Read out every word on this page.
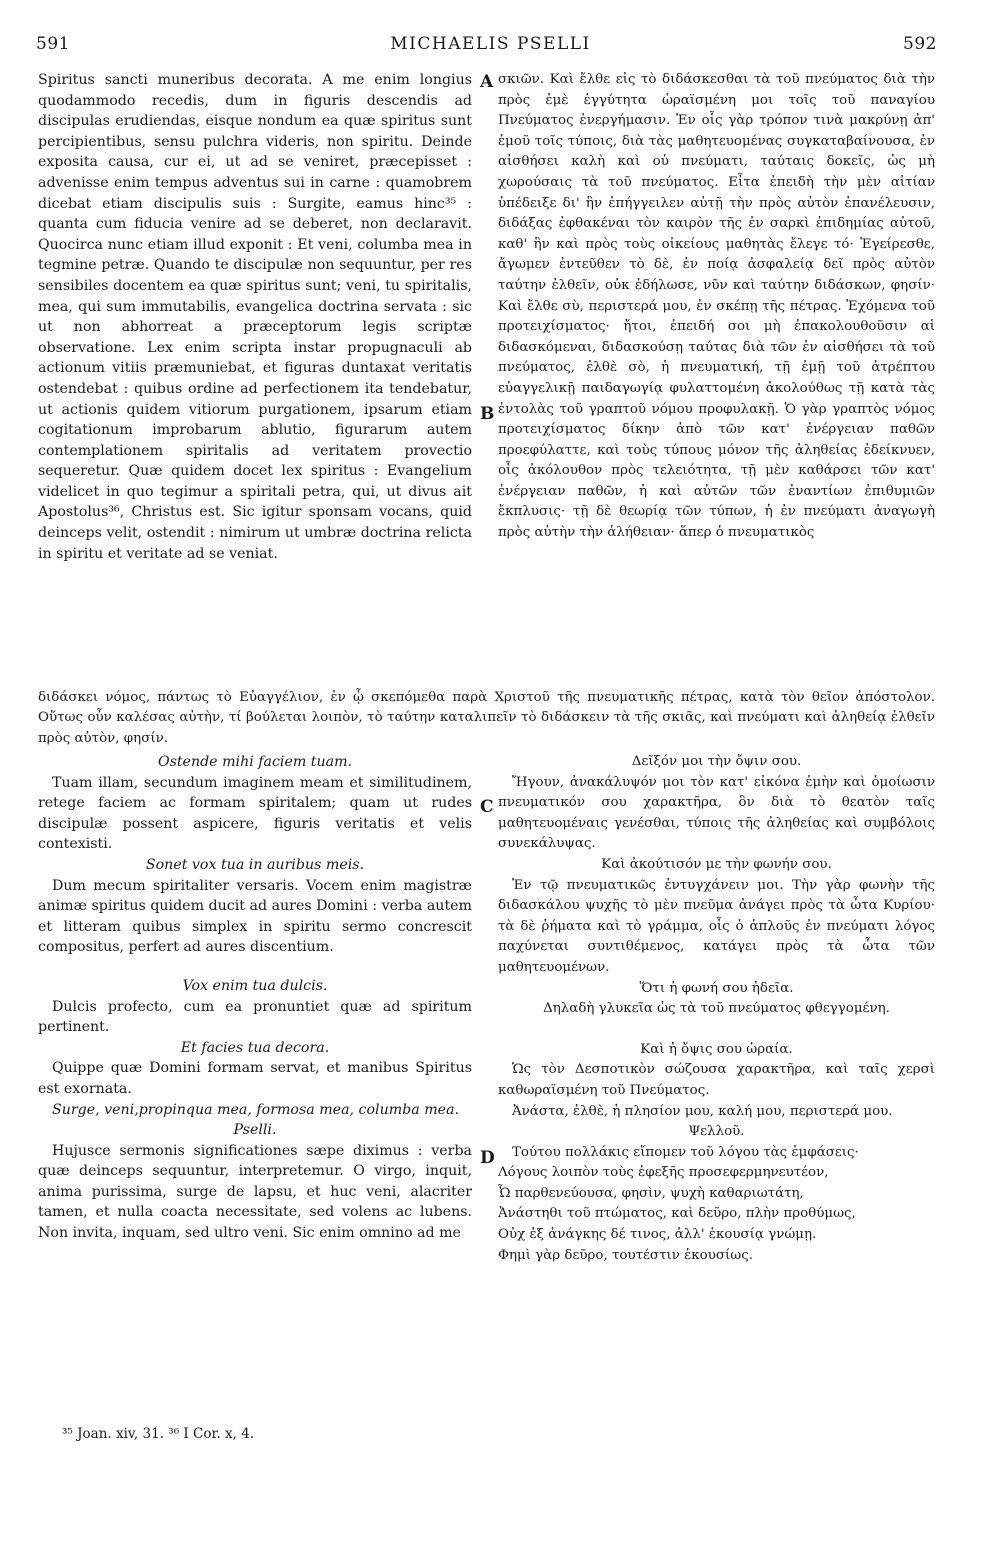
591	MICHAELIS PSELLI	592
A
B
C
D

Spiritus sancti muneribus decorata. A me enim longius quodammodo recedis, dum in figuris descendis ad discipulas erudiendas, eisque nondum ea quæ spiritus sunt percipientibus, sensu pulchra videris, non spiritu. Deinde exposita causa, cur ei, ut ad se veniret, præcepisset : advenisse enim tempus adventus sui in carne : quamobrem dicebat etiam discipulis suis : Surgite, eamus hinc³⁵ : quanta cum fiducia venire ad se deberet, non declaravit. Quocirca nunc etiam illud exponit : Et veni, columba mea in tegmine petræ. Quando te discipulæ non sequuntur, per res sensibiles docentem ea quæ spiritus sunt; veni, tu spiritalis, mea, qui sum immutabilis, evangelica doctrina servata : sic ut non abhorreat a præceptorum legis scriptæ observatione. Lex enim scripta instar propugnaculi ab actionum vitiis præmuniebat, et figuras duntaxat veritatis ostendebat : quibus ordine ad perfectionem ita tendebatur, ut actionis quidem vitiorum purgationem, ipsarum etiam cogitationum improbarum ablutio, figurarum autem contemplationem spiritalis ad veritatem provectio sequeretur. Quæ quidem docet lex spiritus : Evangelium videlicet in quo tegimur a spiritali petra, qui, ut divus ait Apostolus³⁶, Christus est. Sic igitur sponsam vocans, quid deinceps velit, ostendit : nimirum ut umbræ doctrina relicta in spiritu et veritate ad se veniat.

σκιῶν. Καὶ ἔλθε εἰς τὸ διδάσκεσθαι τὰ τοῦ πνεύματος διὰ τὴν πρὸς ἐμὲ ἐγγύτητα ὡραϊσμένη μοι τοῖς τοῦ παναγίου Πνεύματος ἐνεργήμασιν. Ἐν οἷς γὰρ τρόπον τινὰ μακρύνῃ ἀπ' ἐμοῦ τοῖς τύποις, διὰ τὰς μαθητευομένας συγκαταβαίνουσα, ἐν αἰσθήσει καλὴ καὶ οὐ πνεύματι, ταύταις δοκεῖς, ὡς μὴ χωρούσαις τὰ τοῦ πνεύματος. Εἶτα ἐπειδὴ τὴν μὲν αἰτίαν ὑπέδειξε δι' ἣν ἐπήγγειλεν αὐτῇ τὴν πρὸς αὐτὸν ἐπανέλευσιν, διδάξας ἐφθακέναι τὸν καιρὸν τῆς ἐν σαρκὶ ἐπιδημίας αὐτοῦ, καθ' ἣν καὶ πρὸς τοὺς οἰκείους μαθητὰς ἔλεγε τό· Ἐγείρεσθε, ἄγωμεν ἐντεῦθεν τὸ δὲ, ἐν ποίᾳ ἀσφαλείᾳ δεῖ πρὸς αὐτὸν ταύτην ἐλθεῖν, οὐκ ἐδήλωσε, νῦν καὶ ταύτην διδάσκων, φησίν· Καὶ ἔλθε σὺ, περιστερά μου, ἐν σκέπῃ τῆς πέτρας. Ἐχόμενα τοῦ προτειχίσματος· ἤτοι, ἐπειδή σοι μὴ ἐπακολουθοῦσιν αἱ διδασκόμεναι, διδασκούσῃ ταύτας διὰ τῶν ἐν αἰσθήσει τὰ τοῦ πνεύματος, ἐλθὲ σὸ, ἡ πνευματική, τῇ ἐμῇ τοῦ ἀτρέπτου εὐαγγελικῇ παιδαγωγίᾳ φυλαττομένη ἀκολούθως τῇ κατὰ τὰς ἐντολὰς τοῦ γραπτοῦ νόμου προφυλακῇ. Ὁ γὰρ γραπτὸς νόμος προτειχίσματος δίκην ἀπὸ τῶν κατ' ἐνέργειαν παθῶν προεφύλαττε, καὶ τοὺς τύπους μόνον τῆς ἀληθείας ἐδείκνυεν, οἷς ἀκόλουθον πρὸς τελειότητα, τῇ μὲν καθάρσει τῶν κατ' ἐνέργειαν παθῶν, ἡ καὶ αὐτῶν τῶν ἐναντίων ἐπιθυμιῶν ἔκπλυσις· τῇ δὲ θεωρίᾳ τῶν τύπων, ἡ ἐν πνεύματι ἀναγωγὴ πρὸς αὐτὴν τὴν ἀλήθειαν· ἅπερ ὁ πνευματικὸς

διδάσκει νόμος, πάντως τὸ Εὐαγγέλιον, ἐν ᾧ σκεπόμεθα παρὰ Χριστοῦ τῆς πνευματικῆς πέτρας, κατὰ τὸν θεῖον ἀπόστολον. Οὕτως οὖν καλέσας αὐτὴν, τί βούλεται λοιπὸν, τὸ ταύτην καταλιπεῖν τὸ διδάσκειν τὰ τῆς σκιᾶς, καὶ πνεύματι καὶ ἀληθείᾳ ἐλθεῖν πρὸς αὐτὸν, φησίν.

Ostende mihi faciem tuam.

Tuam illam, secundum imaginem meam et similitudinem, retege faciem ac formam spiritalem; quam ut rudes discipulæ possent aspicere, figuris veritatis et velis contexisti.

Sonet vox tua in auribus meis.

Dum mecum spiritaliter versaris. Vocem enim magistræ animæ spiritus quidem ducit ad aures Domini : verba autem et litteram quibus simplex in spiritu sermo concrescit compositus, perfert ad aures discentium.

Vox enim tua dulcis.

Dulcis profecto, cum ea pronuntiet quæ ad spiritum pertinent.

Et facies tua decora.

Quippe quæ Domini formam servat, et manibus Spiritus est exornata.

Surge, veni,propinqua mea, formosa mea, columba mea.

Pselli.

Hujusce sermonis significationes sæpe diximus : verba quæ deinceps sequuntur, interpretemur. O virgo, inquit, anima purissima, surge de lapsu, et huc veni, alacriter tamen, et nulla coacta necessitate, sed volens ac lubens. Non invita, inquam, sed ultro veni. Sic enim omnino ad me

Δεῖξόν μοι τὴν ὄψιν σου.

Ἤγουν, ἀνακάλυψόν μοι τὸν κατ' εἰκόνα ἐμὴν καὶ ὁμοίωσιν πνευματικόν σου χαρακτῆρα, ὃν διὰ τὸ θεατὸν ταῖς μαθητευομέναις γενέσθαι, τύποις τῆς ἀληθείας καὶ συμβόλοις συνεκάλυψας.

Καὶ ἀκούτισόν με τὴν φωνήν σου.

Ἐν τῷ πνευματικῶς ἐντυγχάνειν μοι. Τὴν γὰρ φωνὴν τῆς διδασκάλου ψυχῆς τὸ μὲν πνεῦμα ἀνάγει πρὸς τὰ ὦτα Κυρίου· τὰ δὲ ῥήματα καὶ τὸ γράμμα, οἷς ὁ ἁπλοῦς ἐν πνεύματι λόγος παχύνεται συντιθέμενος, κατάγει πρὸς τὰ ὦτα τῶν μαθητευομένων.

Ὅτι ἡ φωνή σου ἡδεῖα.

Δηλαδὴ γλυκεῖα ὡς τὰ τοῦ πνεύματος φθεγγομένη.

Καὶ ἡ ὄψις σου ὡραία.

Ὡς τὸν Δεσποτικὸν σώζουσα χαρακτῆρα, καὶ ταῖς χερσὶ καθωραϊσμένη τοῦ Πνεύματος.

Ἀνάστα, ἐλθὲ, ἡ πλησίον μου, καλή μου, περιστερά μου.

Ψελλοῦ.
Τούτου πολλάκις εἴπομεν τοῦ λόγου τὰς ἐμφάσεις·
Λόγους λοιπὸν τοὺς ἐφεξῆς προσεφερμηνευτέον,
Ὦ παρθενεύουσα, φησὶν, ψυχὴ καθαριωτάτη,
Ἀνάστηθι τοῦ πτώματος, καὶ δεῦρο, πλὴν προθύμως,
Οὐχ ἐξ ἀνάγκης δέ τινος, ἀλλ' ἑκουσίᾳ γνώμῃ.
Φημὶ γὰρ δεῦρο, τουτέστιν ἑκουσίως.
³⁵ Joan. xiv, 31. ³⁶ I Cor. x, 4.
